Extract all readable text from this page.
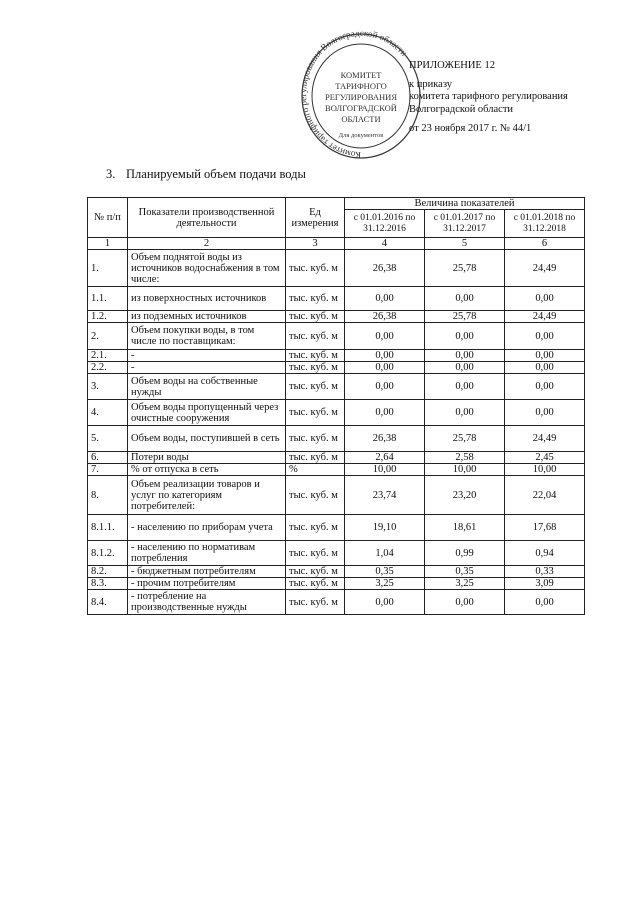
Комитет тарифного ирования Волгоградской области
КОМИТЕТ
ТАРИФНОГО
РЕГУЛИРОВАНИЯ
ВОЛГОГРАДСКОЙ
ОБЛАСТИ
Для документов
ПРИЛОЖЕНИЕ 12
к приказу
комитета тарифного регулирования
Волгоградской области
от 23 ноября 2017 г. № 44/1
3. Планируемый объем подачи воды
№ п/п	Показатели производственной деятельности	Ед измерения	Величина показателей		
			с 01.01.2016 по 31.12.2016	с 01.01.2017 по 31.12.2017	с 01.01.2018 по 31.12.2018
1	2	3	4	5	6
1.	Объем поднятой воды из источников водоснабжения в том числе:	тыс. куб. м	26,38	25,78	24,49
1.1.	из поверхностных источников	тыс. куб. м	0,00	0,00	0,00
1.2.	из подземных источников	тыс. куб. м	26,38	25,78	24,49
2.	Объем покупки воды, в том числе по поставщикам:	тыс. куб. м	0,00	0,00	0,00
2.1.	-	тыс. куб. м	0,00	0,00	0,00
2.2.	-	тыс. куб. м	0,00	0,00	0,00
3.	Объем воды на собственные нужды	тыс. куб. м	0,00	0,00	0,00
4.	Объем воды пропущенный через очистные сооружения	тыс. куб. м	0,00	0,00	0,00
5.	Объем воды, поступившей в сеть	тыс. куб. м	26,38	25,78	24,49
6.	Потери воды	тыс. куб. м	2,64	2,58	2,45
7.	% от отпуска в сеть	%	10,00	10,00	10,00
8.	Объем реализации товаров и услуг по категориям потребителей:	тыс. куб. м	23,74	23,20	22,04
8.1.1.	- населению по приборам учета	тыс. куб. м	19,10	18,61	17,68
8.1.2.	- населению по нормативам потребления	тыс. куб. м	1,04	0,99	0,94
8.2.	- бюджетным потребителям	тыс. куб. м	0,35	0,35	0,33
8.3.	- прочим потребителям	тыс. куб. м	3,25	3,25	3,09
8.4.	- потребление на производственные нужды	тыс. куб. м	0,00	0,00	0,00
